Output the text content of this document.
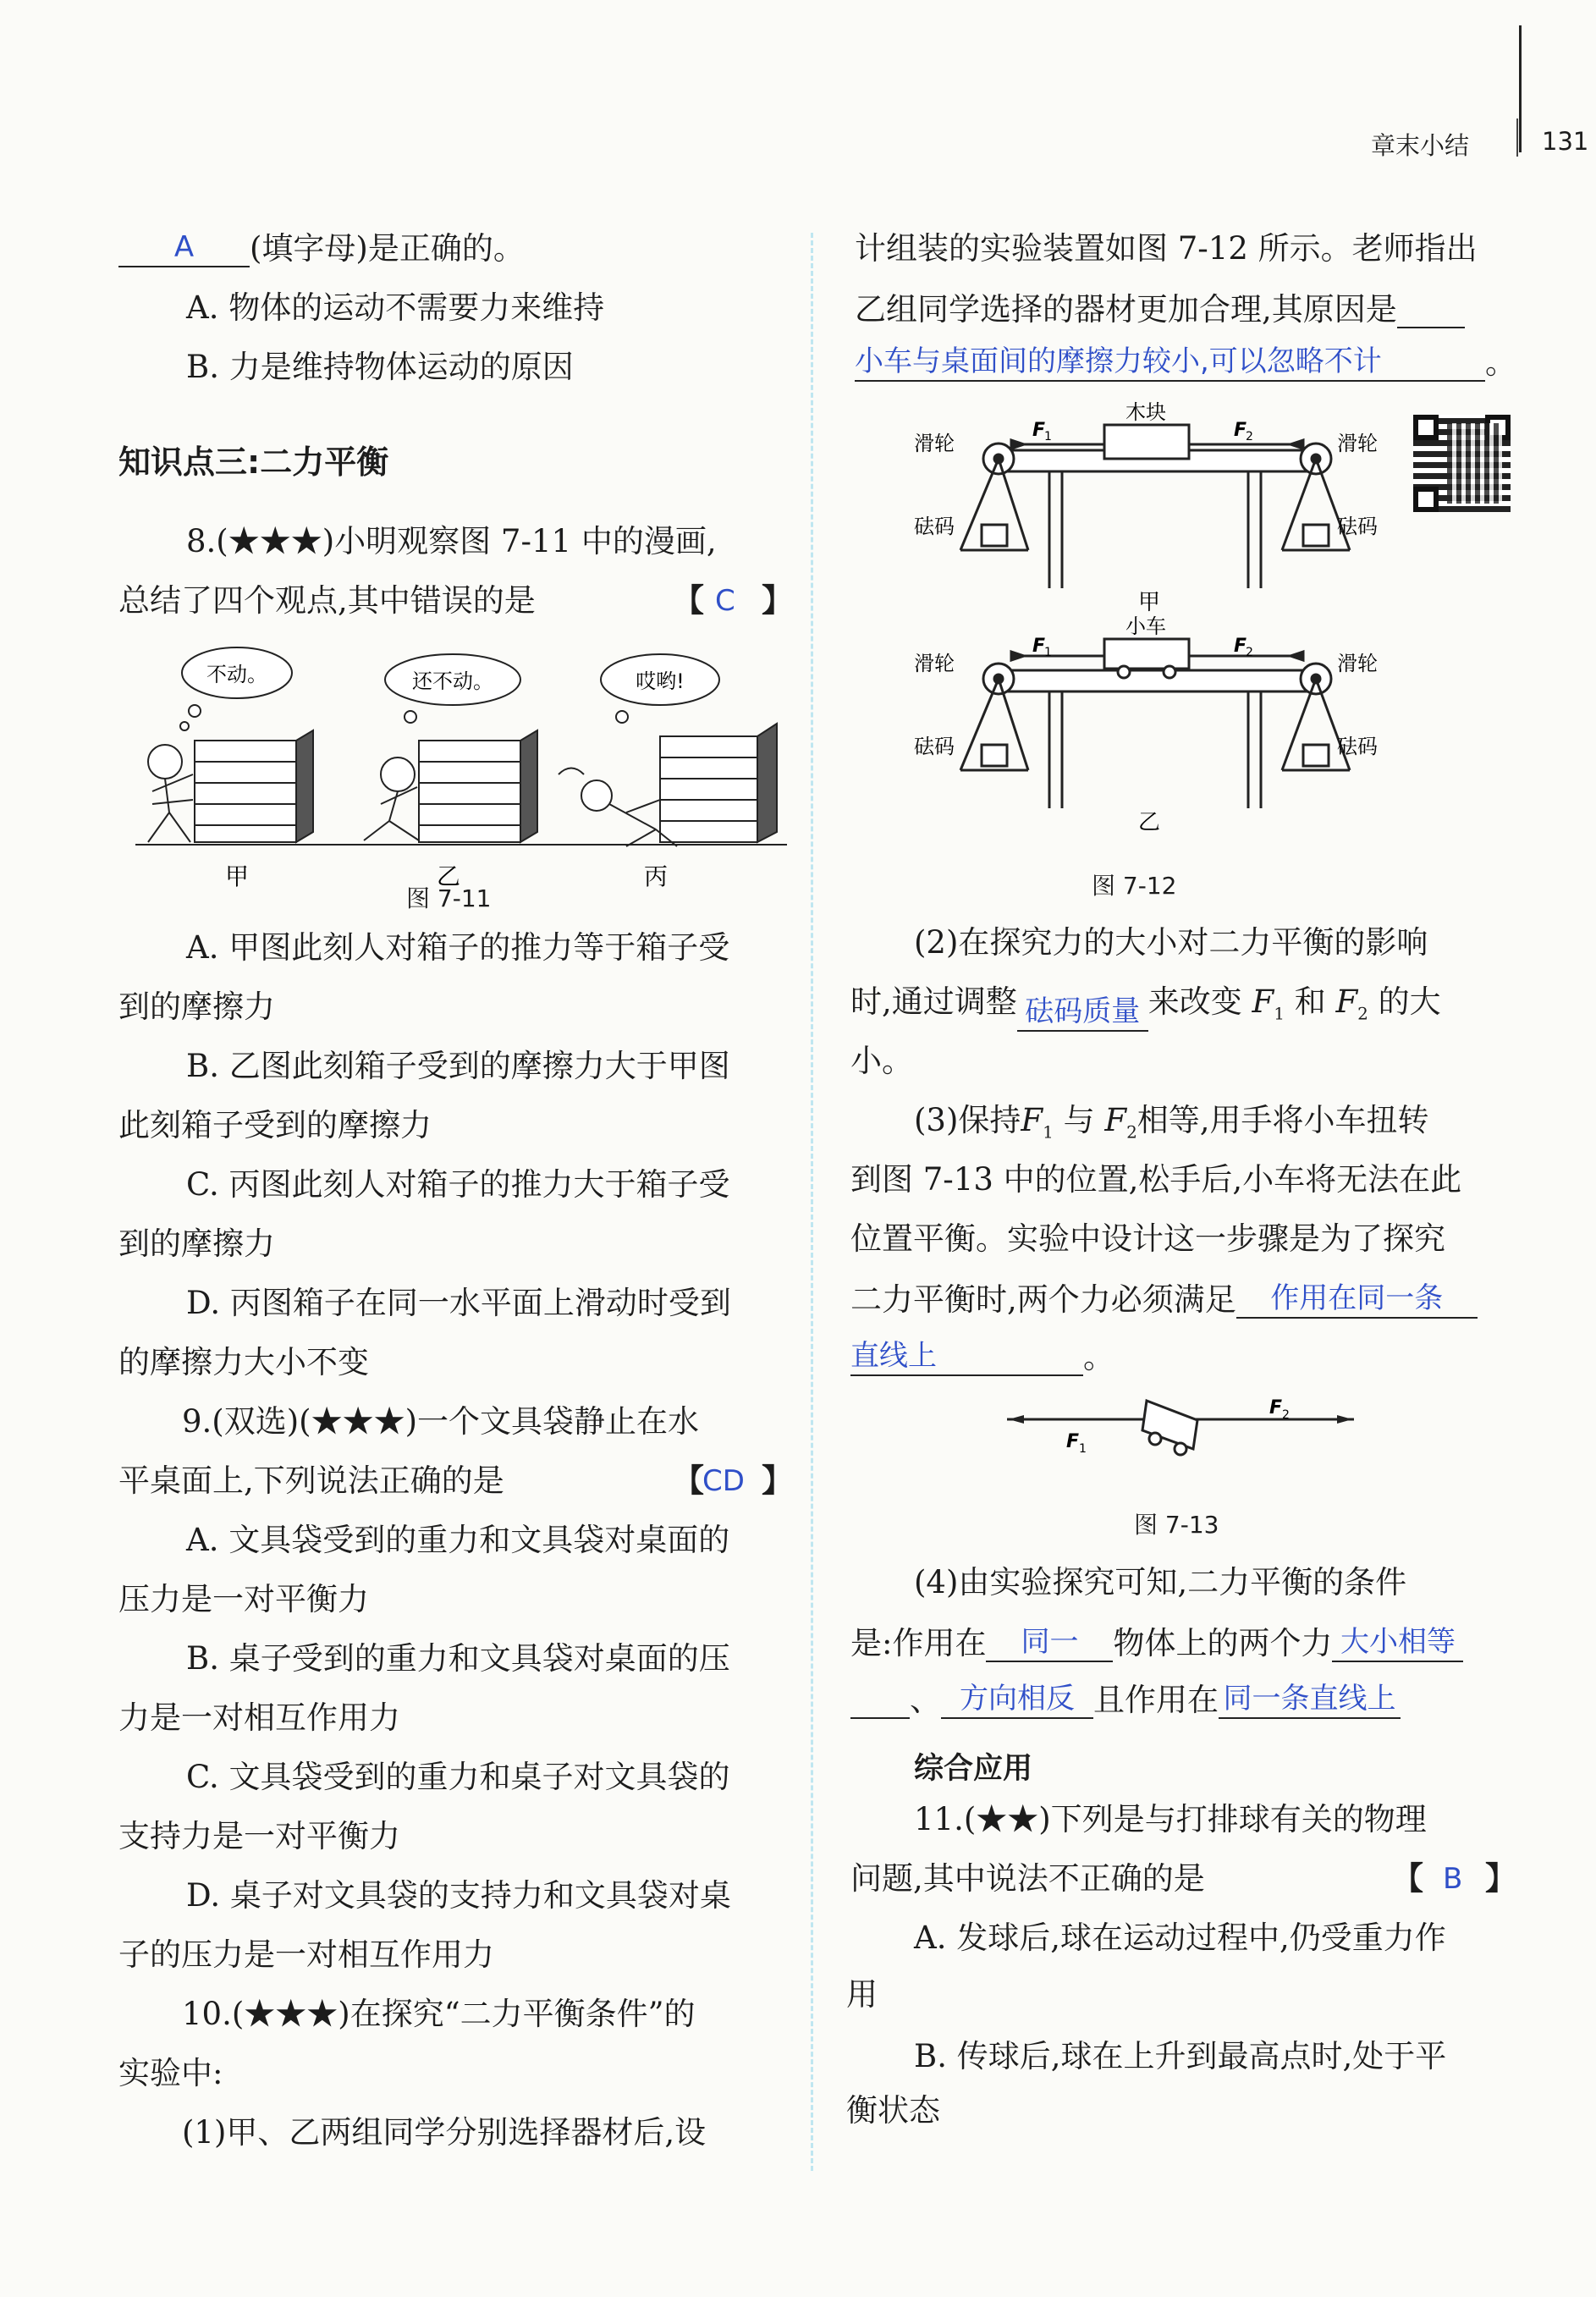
章末小结	131
A (填字母)是正确的。
A. 物体的运动不需要力来维持
B. 力是维持物体运动的原因
知识点三:二力平衡
8.(★★★)小明观察图 7-11 中的漫画,
总结了四个观点,其中错误的是	【 C 】
不动。	还不动。	哎哟!
甲	乙	丙
图 7-11
A. 甲图此刻人对箱子的推力等于箱子受
到的摩擦力
B. 乙图此刻箱子受到的摩擦力大于甲图
此刻箱子受到的摩擦力
C. 丙图此刻人对箱子的推力大于箱子受
到的摩擦力
D. 丙图箱子在同一水平面上滑动时受到
的摩擦力大小不变
9.(双选)(★★★)一个文具袋静止在水
平桌面上,下列说法正确的是	【
CD 】
A. 文具袋受到的重力和文具袋对桌面的
压力是一对平衡力
B. 桌子受到的重力和文具袋对桌面的压
力是一对相互作用力
C. 文具袋受到的重力和桌子对文具袋的
支持力是一对平衡力
D. 桌子对文具袋的支持力和文具袋对桌
子的压力是一对相互作用力
10.(★★★)在探究“二力平衡条件”的
实验中:
(1)甲、乙两组同学分别选择器材后,设
计组装的实验装置如图 7-12 所示。老师指出
乙组同学选择的器材更加合理,其原因是
小车与桌面间的摩擦力较小,可以忽略不计	。
滑轮	滑轮
砝码	砝码
木块
F
1	F
2
甲
滑轮	滑轮
砝码	砝码
小车
F
1	F
2
乙
图 7-12
(2)在探究力的大小对二力平衡的影响
时,通过调整 砝码质量 来改变 $F_1$ 和 $F_2$ 的大
小。
(3)保持$F_1$ 与 $F_2$相等,用手将小车扭转
到图 7-13 中的位置,松手后,小车将无法在此
位置平衡。实验中设计这一步骤是为了探究
二力平衡时,两个力必须满足 作用在同一条
直线上	。
F 1
F 2
图 7-13
(4)由实验探究可知,二力平衡的条件
是:作用在 同一 物体上的两个力 大小相等
、 方向相反 且作用在 同一条直线上
综合应用
11.(★★)下列是与打排球有关的物理
问题,其中说法不正确的是	【 B 】
A. 发球后,球在运动过程中,仍受重力作
用
B. 传球后,球在上升到最高点时,处于平
衡状态
